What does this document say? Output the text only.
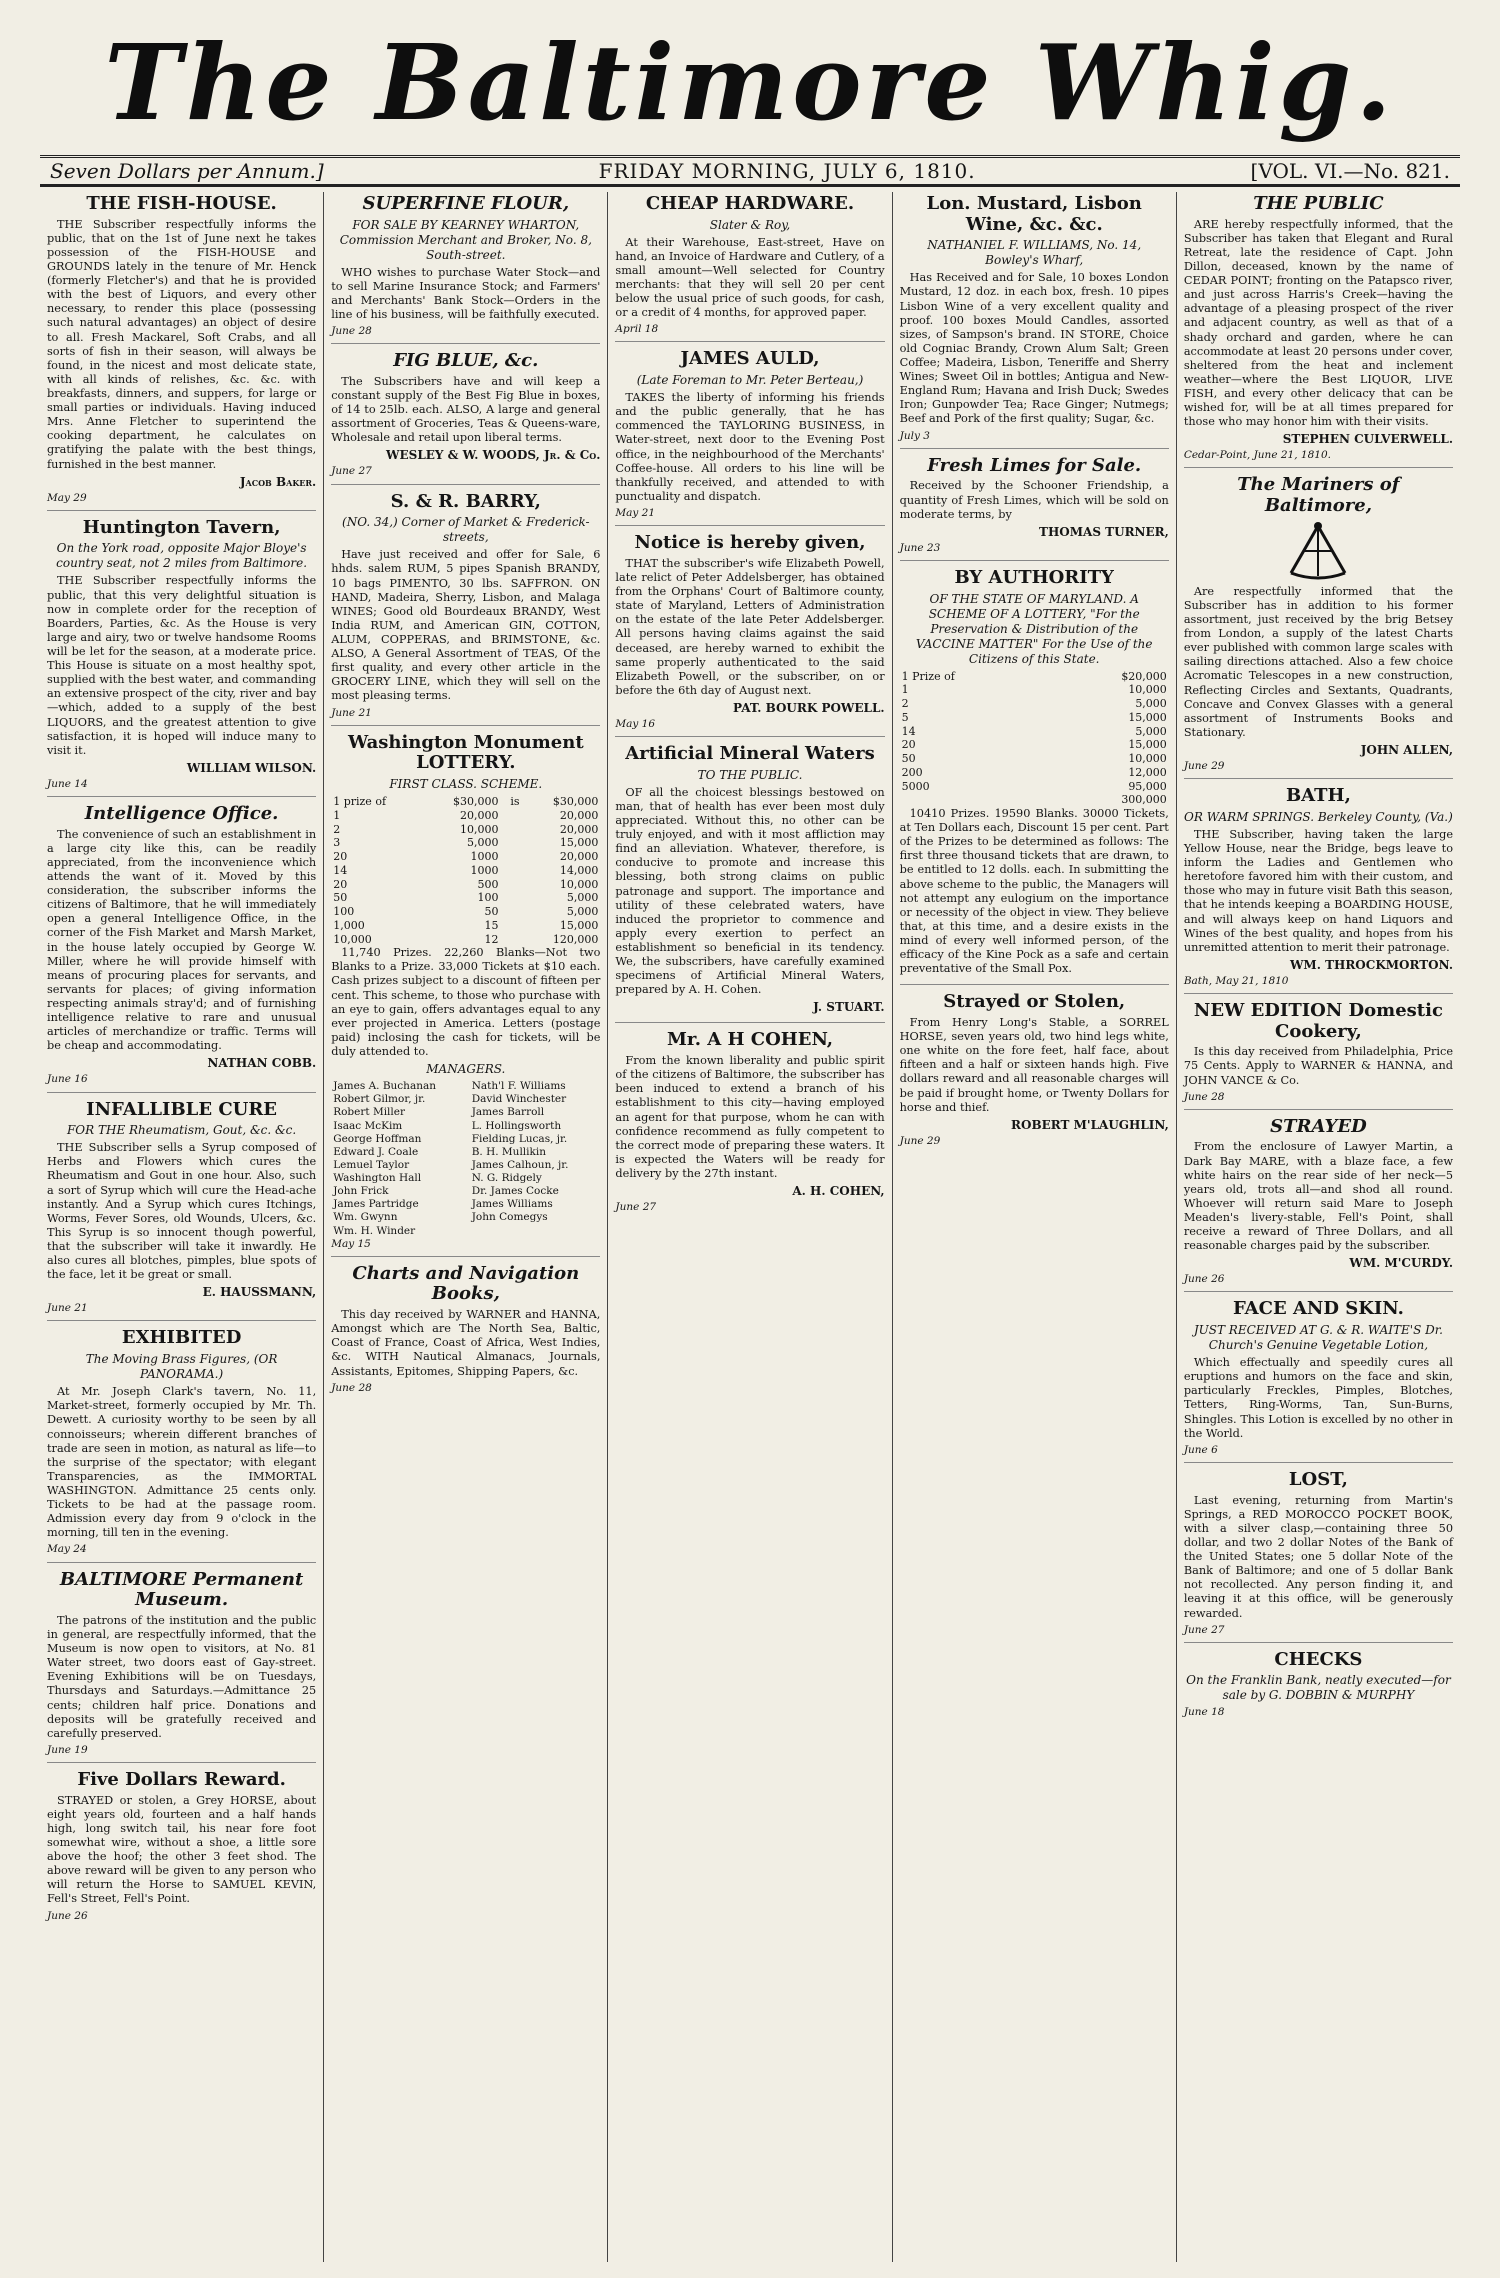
The Baltimore Whig.
Seven Dollars per Annum.]	FRIDAY MORNING, JULY 6, 1810.	[VOL. VI.—No. 821.
THE FISH-HOUSE.

THE Subscriber respectfully informs the public, that on the 1st of June next he takes possession of the FISH-HOUSE and GROUNDS lately in the tenure of Mr. Henck (formerly Fletcher's) and that he is provided with the best of Liquors, and every other necessary, to render this place (possessing such natural advantages) an object of desire to all. Fresh Mackarel, Soft Crabs, and all sorts of fish in their season, will always be found, in the nicest and most delicate state, with all kinds of relishes, &c. &c. with breakfasts, dinners, and suppers, for large or small parties or individuals. Having induced Mrs. Anne Fletcher to superintend the cooking department, he calculates on gratifying the palate with the best things, furnished in the best manner.

Jacob Baker.
May 29
Huntington Tavern,
On the York road, opposite Major Bloye's country seat, not 2 miles from Baltimore.

THE Subscriber respectfully informs the public, that this very delightful situation is now in complete order for the reception of Boarders, Parties, &c. As the House is very large and airy, two or twelve handsome Rooms will be let for the season, at a moderate price. This House is situate on a most healthy spot, supplied with the best water, and commanding an extensive prospect of the city, river and bay—which, added to a supply of the best LIQUORS, and the greatest attention to give satisfaction, it is hoped will induce many to visit it.

WILLIAM WILSON.
June 14
Intelligence Office.

The convenience of such an establishment in a large city like this, can be readily appreciated, from the inconvenience which attends the want of it. Moved by this consideration, the subscriber informs the citizens of Baltimore, that he will immediately open a general Intelligence Office, in the corner of the Fish Market and Marsh Market, in the house lately occupied by George W. Miller, where he will provide himself with means of procuring places for servants, and servants for places; of giving information respecting animals stray'd; and of furnishing intelligence relative to rare and unusual articles of merchandize or traffic. Terms will be cheap and accommodating.

NATHAN COBB.
June 16
INFALLIBLE CURE
FOR THE Rheumatism, Gout, &c. &c.

THE Subscriber sells a Syrup composed of Herbs and Flowers which cures the Rheumatism and Gout in one hour. Also, such a sort of Syrup which will cure the Head-ache instantly. And a Syrup which cures Itchings, Worms, Fever Sores, old Wounds, Ulcers, &c. This Syrup is so innocent though powerful, that the subscriber will take it inwardly. He also cures all blotches, pimples, blue spots of the face, let it be great or small.

E. HAUSSMANN,
June 21
EXHIBITED
The Moving Brass Figures, (OR PANORAMA.)

At Mr. Joseph Clark's tavern, No. 11, Market-street, formerly occupied by Mr. Th. Dewett. A curiosity worthy to be seen by all connoisseurs; wherein different branches of trade are seen in motion, as natural as life—to the surprise of the spectator; with elegant Transparencies, as the IMMORTAL WASHINGTON. Admittance 25 cents only. Tickets to be had at the passage room. Admission every day from 9 o'clock in the morning, till ten in the evening.

May 24
BALTIMORE Permanent Museum.

The patrons of the institution and the public in general, are respectfully informed, that the Museum is now open to visitors, at No. 81 Water street, two doors east of Gay-street. Evening Exhibitions will be on Tuesdays, Thursdays and Saturdays.—Admittance 25 cents; children half price. Donations and deposits will be gratefully received and carefully preserved.

June 19
Five Dollars Reward.

STRAYED or stolen, a Grey HORSE, about eight years old, fourteen and a half hands high, long switch tail, his near fore foot somewhat wire, without a shoe, a little sore above the hoof; the other 3 feet shod. The above reward will be given to any person who will return the Horse to SAMUEL KEVIN, Fell's Street, Fell's Point.

June 26
SUPERFINE FLOUR,
FOR SALE BY KEARNEY WHARTON, Commission Merchant and Broker, No. 8, South-street.

WHO wishes to purchase Water Stock—and to sell Marine Insurance Stock; and Farmers' and Merchants' Bank Stock—Orders in the line of his business, will be faithfully executed.

June 28
FIG BLUE, &c.

The Subscribers have and will keep a constant supply of the Best Fig Blue in boxes, of 14 to 25lb. each. ALSO, A large and general assortment of Groceries, Teas & Queens-ware, Wholesale and retail upon liberal terms.

WESLEY & W. WOODS, Jr. & Co.
June 27
S. & R. BARRY,
(NO. 34,) Corner of Market & Frederick-streets,

Have just received and offer for Sale, 6 hhds. salem RUM, 5 pipes Spanish BRANDY, 10 bags PIMENTO, 30 lbs. SAFFRON. ON HAND, Madeira, Sherry, Lisbon, and Malaga WINES; Good old Bourdeaux BRANDY, West India RUM, and American GIN, COTTON, ALUM, COPPERAS, and BRIMSTONE, &c. ALSO, A General Assortment of TEAS, Of the first quality, and every other article in the GROCERY LINE, which they will sell on the most pleasing terms.

June 21
Washington Monument LOTTERY.
FIRST CLASS. SCHEME.
1 prize of	$30,000	is	$30,000
1	20,000		20,000
2	10,000		20,000
3	5,000		15,000
20	1000		20,000
14	1000		14,000
20	500		10,000
50	100		5,000
100	50		5,000
1,000	15		15,000
10,000	12		120,000

11,740 Prizes. 22,260 Blanks—Not two Blanks to a Prize. 33,000 Tickets at $10 each. Cash prizes subject to a discount of fifteen per cent. This scheme, to those who purchase with an eye to gain, offers advantages equal to any ever projected in America. Letters (postage paid) inclosing the cash for tickets, will be duly attended to.

MANAGERS.
James A. Buchanan	Nath'l F. Williams
Robert Gilmor, jr.	David Winchester
Robert Miller	James Barroll
Isaac McKim	L. Hollingsworth
George Hoffman	Fielding Lucas, jr.
Edward J. Coale	B. H. Mullikin
Lemuel Taylor	James Calhoun, jr.
Washington Hall	N. G. Ridgely
John Frick	Dr. James Cocke
James Partridge	James Williams
Wm. Gwynn	John Comegys
Wm. H. Winder	
May 15
Charts and Navigation Books,

This day received by WARNER and HANNA, Amongst which are The North Sea, Baltic, Coast of France, Coast of Africa, West Indies, &c. WITH Nautical Almanacs, Journals, Assistants, Epitomes, Shipping Papers, &c.

June 28
CHEAP HARDWARE.
Slater & Roy,

At their Warehouse, East-street, Have on hand, an Invoice of Hardware and Cutlery, of a small amount—Well selected for Country merchants: that they will sell 20 per cent below the usual price of such goods, for cash, or a credit of 4 months, for approved paper.

April 18
JAMES AULD,
(Late Foreman to Mr. Peter Berteau,)

TAKES the liberty of informing his friends and the public generally, that he has commenced the TAYLORING BUSINESS, in Water-street, next door to the Evening Post office, in the neighbourhood of the Merchants' Coffee-house. All orders to his line will be thankfully received, and attended to with punctuality and dispatch.

May 21
Notice is hereby given,

THAT the subscriber's wife Elizabeth Powell, late relict of Peter Addelsberger, has obtained from the Orphans' Court of Baltimore county, state of Maryland, Letters of Administration on the estate of the late Peter Addelsberger. All persons having claims against the said deceased, are hereby warned to exhibit the same properly authenticated to the said Elizabeth Powell, or the subscriber, on or before the 6th day of August next.

PAT. BOURK POWELL.
May 16
Artificial Mineral Waters
TO THE PUBLIC.

OF all the choicest blessings bestowed on man, that of health has ever been most duly appreciated. Without this, no other can be truly enjoyed, and with it most affliction may find an alleviation. Whatever, therefore, is conducive to promote and increase this blessing, both strong claims on public patronage and support. The importance and utility of these celebrated waters, have induced the proprietor to commence and apply every exertion to perfect an establishment so beneficial in its tendency. We, the subscribers, have carefully examined specimens of Artificial Mineral Waters, prepared by A. H. Cohen.

J. STUART.
Mr. A H COHEN,

From the known liberality and public spirit of the citizens of Baltimore, the subscriber has been induced to extend a branch of his establishment to this city—having employed an agent for that purpose, whom he can with confidence recommend as fully competent to the correct mode of preparing these waters. It is expected the Waters will be ready for delivery by the 27th instant.

A. H. COHEN,
June 27
Lon. Mustard, Lisbon Wine, &c. &c.
NATHANIEL F. WILLIAMS, No. 14, Bowley's Wharf,

Has Received and for Sale, 10 boxes London Mustard, 12 doz. in each box, fresh. 10 pipes Lisbon Wine of a very excellent quality and proof. 100 boxes Mould Candles, assorted sizes, of Sampson's brand. IN STORE, Choice old Cogniac Brandy, Crown Alum Salt; Green Coffee; Madeira, Lisbon, Teneriffe and Sherry Wines; Sweet Oil in bottles; Antigua and New-England Rum; Havana and Irish Duck; Swedes Iron; Gunpowder Tea; Race Ginger; Nutmegs; Beef and Pork of the first quality; Sugar, &c.

July 3
Fresh Limes for Sale.

Received by the Schooner Friendship, a quantity of Fresh Limes, which will be sold on moderate terms, by

THOMAS TURNER,
June 23
BY AUTHORITY
OF THE STATE OF MARYLAND. A SCHEME OF A LOTTERY, "For the Preservation & Distribution of the VACCINE MATTER" For the Use of the Citizens of this State.
1 Prize of	$20,000
1	10,000
2	5,000
5	15,000
14	5,000
20	15,000
50	10,000
200	12,000
5000	95,000
	300,000

10410 Prizes. 19590 Blanks. 30000 Tickets, at Ten Dollars each, Discount 15 per cent. Part of the Prizes to be determined as follows: The first three thousand tickets that are drawn, to be entitled to 12 dolls. each. In submitting the above scheme to the public, the Managers will not attempt any eulogium on the importance or necessity of the object in view. They believe that, at this time, and a desire exists in the mind of every well informed person, of the efficacy of the Kine Pock as a safe and certain preventative of the Small Pox.

Strayed or Stolen,

From Henry Long's Stable, a SORREL HORSE, seven years old, two hind legs white, one white on the fore feet, half face, about fifteen and a half or sixteen hands high. Five dollars reward and all reasonable charges will be paid if brought home, or Twenty Dollars for horse and thief.

ROBERT M'LAUGHLIN,
June 29
THE PUBLIC

ARE hereby respectfully informed, that the Subscriber has taken that Elegant and Rural Retreat, late the residence of Capt. John Dillon, deceased, known by the name of CEDAR POINT; fronting on the Patapsco river, and just across Harris's Creek—having the advantage of a pleasing prospect of the river and adjacent country, as well as that of a shady orchard and garden, where he can accommodate at least 20 persons under cover, sheltered from the heat and inclement weather—where the Best LIQUOR, LIVE FISH, and every other delicacy that can be wished for, will be at all times prepared for those who may honor him with their visits.

STEPHEN CULVERWELL.
Cedar-Point, June 21, 1810.
The Mariners of Baltimore,

Are respectfully informed that the Subscriber has in addition to his former assortment, just received by the brig Betsey from London, a supply of the latest Charts ever published with common large scales with sailing directions attached. Also a few choice Acromatic Telescopes in a new construction, Reflecting Circles and Sextants, Quadrants, Concave and Convex Glasses with a general assortment of Instruments Books and Stationary.

JOHN ALLEN,
June 29
BATH,
OR WARM SPRINGS. Berkeley County, (Va.)

THE Subscriber, having taken the large Yellow House, near the Bridge, begs leave to inform the Ladies and Gentlemen who heretofore favored him with their custom, and those who may in future visit Bath this season, that he intends keeping a BOARDING HOUSE, and will always keep on hand Liquors and Wines of the best quality, and hopes from his unremitted attention to merit their patronage.

WM. THROCKMORTON.
Bath, May 21, 1810
NEW EDITION Domestic Cookery,

Is this day received from Philadelphia, Price 75 Cents. Apply to WARNER & HANNA, and JOHN VANCE & Co.

June 28
STRAYED

From the enclosure of Lawyer Martin, a Dark Bay MARE, with a blaze face, a few white hairs on the rear side of her neck—5 years old, trots all—and shod all round. Whoever will return said Mare to Joseph Meaden's livery-stable, Fell's Point, shall receive a reward of Three Dollars, and all reasonable charges paid by the subscriber.

WM. M'CURDY.
June 26
FACE AND SKIN.
JUST RECEIVED AT G. & R. WAITE'S Dr. Church's Genuine Vegetable Lotion,

Which effectually and speedily cures all eruptions and humors on the face and skin, particularly Freckles, Pimples, Blotches, Tetters, Ring-Worms, Tan, Sun-Burns, Shingles. This Lotion is excelled by no other in the World.

June 6
LOST,

Last evening, returning from Martin's Springs, a RED MOROCCO POCKET BOOK, with a silver clasp,—containing three 50 dollar, and two 2 dollar Notes of the Bank of the United States; one 5 dollar Note of the Bank of Baltimore; and one of 5 dollar Bank not recollected. Any person finding it, and leaving it at this office, will be generously rewarded.

June 27
CHECKS
On the Franklin Bank, neatly executed—for sale by G. DOBBIN & MURPHY
June 18
